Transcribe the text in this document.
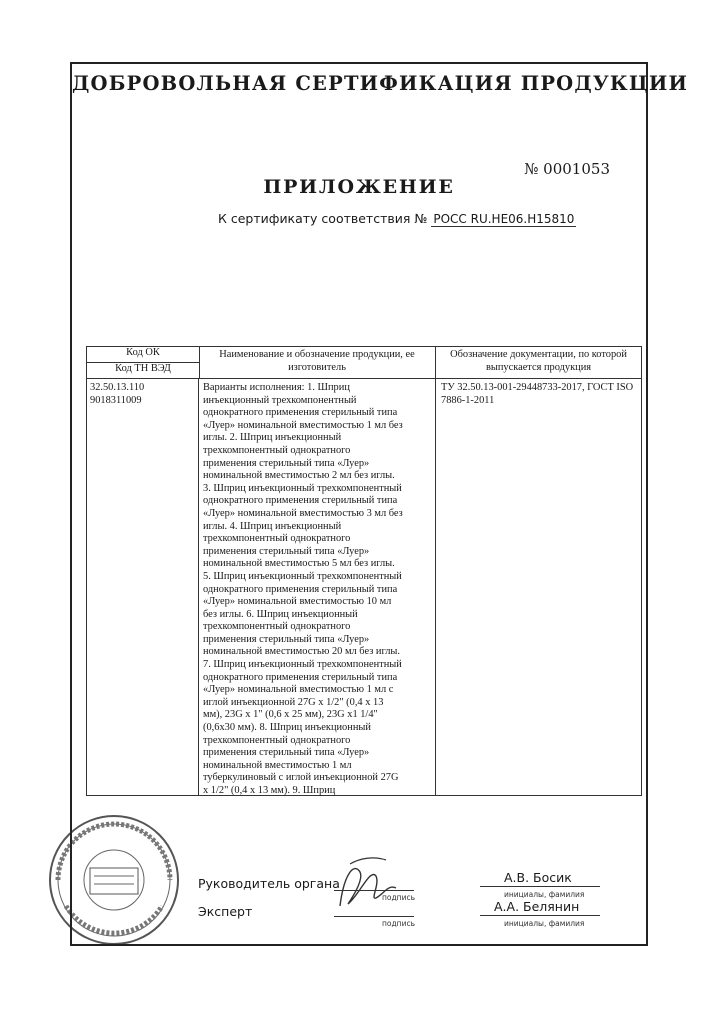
ДОБРОВОЛЬНАЯ СЕРТИФИКАЦИЯ ПРОДУКЦИИ
№ 0001053
ПРИЛОЖЕНИЕ
К сертификату соответствия № РОСС RU.НЕ06.Н15810
Код ОК
Код ТН ВЭД
Наименование и обозначение продукции, ее
изготовитель
Обозначение документации, по которой
выпускается продукция
32.50.13.110
9018311009
Варианты исполнения: 1. Шприц
инъекционный трехкомпонентный
однократного применения стерильный типа
«Луер» номинальной вместимостью 1 мл без
иглы. 2. Шприц инъекционный
трехкомпонентный однократного
применения стерильный типа «Луер»
номинальной вместимостью 2 мл без иглы.
3. Шприц инъекционный трехкомпонентный
однократного применения стерильный типа
«Луер» номинальной вместимостью 3 мл без
иглы. 4. Шприц инъекционный
трехкомпонентный однократного
применения стерильный типа «Луер»
номинальной вместимостью 5 мл без иглы.
5. Шприц инъекционный трехкомпонентный
однократного применения стерильный типа
«Луер» номинальной вместимостью 10 мл
без иглы. 6. Шприц инъекционный
трехкомпонентный однократного
применения стерильный типа «Луер»
номинальной вместимостью 20 мл без иглы.
7. Шприц инъекционный трехкомпонентный
однократного применения стерильный типа
«Луер» номинальной вместимостью 1 мл с
иглой инъекционной 27G x 1/2" (0,4 x 13
мм), 23G x 1" (0,6 x 25 мм), 23G x1 1/4"
(0,6x30 мм). 8. Шприц инъекционный
трехкомпонентный однократного
применения стерильный типа «Луер»
номинальной вместимостью 1 мл
туберкулиновый с иглой инъекционной 27G
x 1/2" (0,4 x 13 мм). 9. Шприц
ТУ 32.50.13-001-29448733-2017, ГОСТ ISO
7886-1-2011
Руководитель органа
подпись
А.В. Босик
инициалы, фамилия
Эксперт
подпись
А.А. Белянин
инициалы, фамилия
